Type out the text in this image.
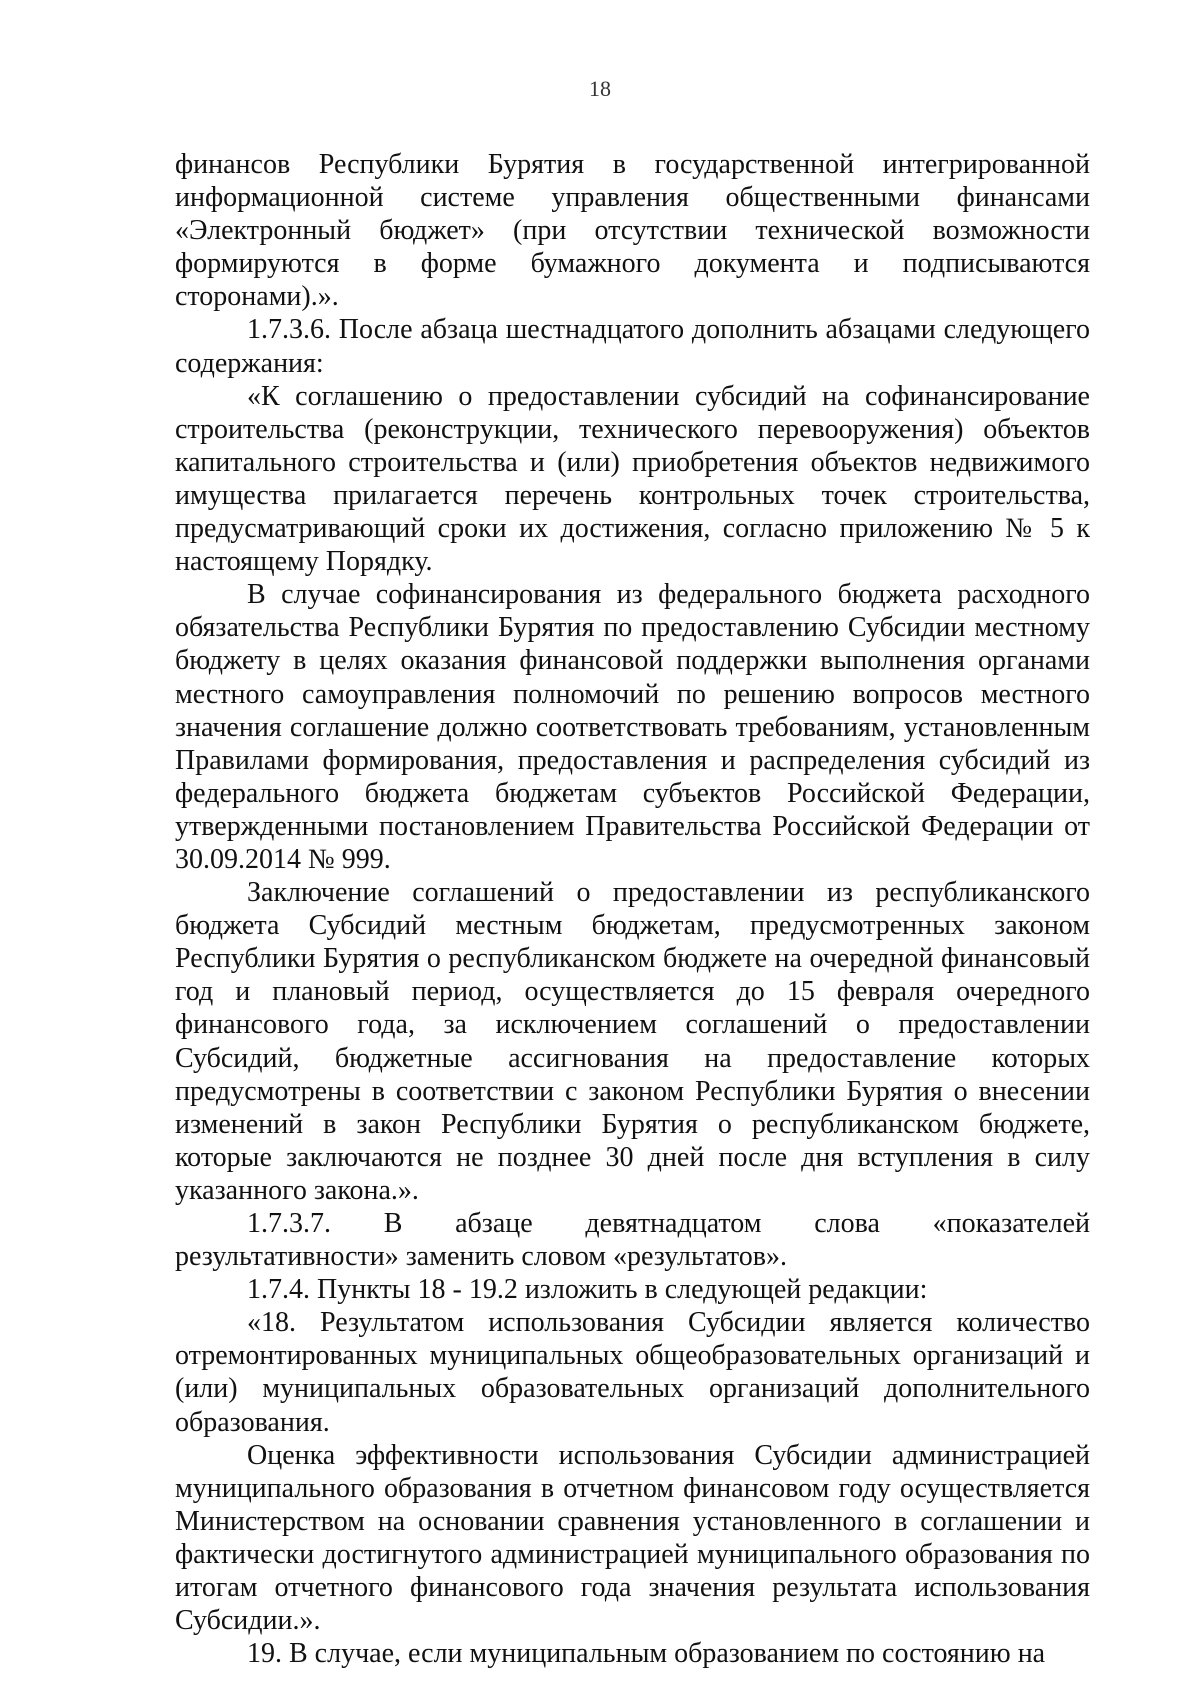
18

финансов Республики Бурятия в государственной интегрированной информационной системе управления общественными финансами «Электронный бюджет» (при отсутствии технической возможности формируются в форме бумажного документа и подписываются сторонами).».

1.7.3.6. После абзаца шестнадцатого дополнить абзацами следующего содержания:

«К соглашению о предоставлении субсидий на софинансирование строительства (реконструкции, технического перевооружения) объектов капитального строительства и (или) приобретения объектов недвижимого имущества прилагается перечень контрольных точек строительства, предусматривающий сроки их достижения, согласно приложению № 5 к настоящему Порядку.

В случае софинансирования из федерального бюджета расходного обязательства Республики Бурятия по предоставлению Субсидии местному бюджету в целях оказания финансовой поддержки выполнения органами местного самоуправления полномочий по решению вопросов местного значения соглашение должно соответствовать требованиям, установленным Правилами формирования, предоставления и распределения субсидий из федерального бюджета бюджетам субъектов Российской Федерации, утвержденными постановлением Правительства Российской Федерации от 30.09.2014 № 999.

Заключение соглашений о предоставлении из республиканского бюджета Субсидий местным бюджетам, предусмотренных законом Республики Бурятия о республиканском бюджете на очередной финансовый год и плановый период, осуществляется до 15 февраля очередного финансового года, за исключением соглашений о предоставлении Субсидий, бюджетные ассигнования на предоставление которых предусмотрены в соответствии с законом Республики Бурятия о внесении изменений в закон Республики Бурятия о республиканском бюджете, которые заключаются не позднее 30 дней после дня вступления в силу указанного закона.».

1.7.3.7. В абзаце девятнадцатом слова «показателей результативности» заменить словом «результатов».

1.7.4. Пункты 18 - 19.2 изложить в следующей редакции:

«18. Результатом использования Субсидии является количество отремонтированных муниципальных общеобразовательных организаций и (или) муниципальных образовательных организаций дополнительного образования.

Оценка эффективности использования Субсидии администрацией муниципального образования в отчетном финансовом году осуществляется Министерством на основании сравнения установленного в соглашении и фактически достигнутого администрацией муниципального образования по итогам отчетного финансового года значения результата использования Субсидии.».

19. В случае, если муниципальным образованием по состоянию на
